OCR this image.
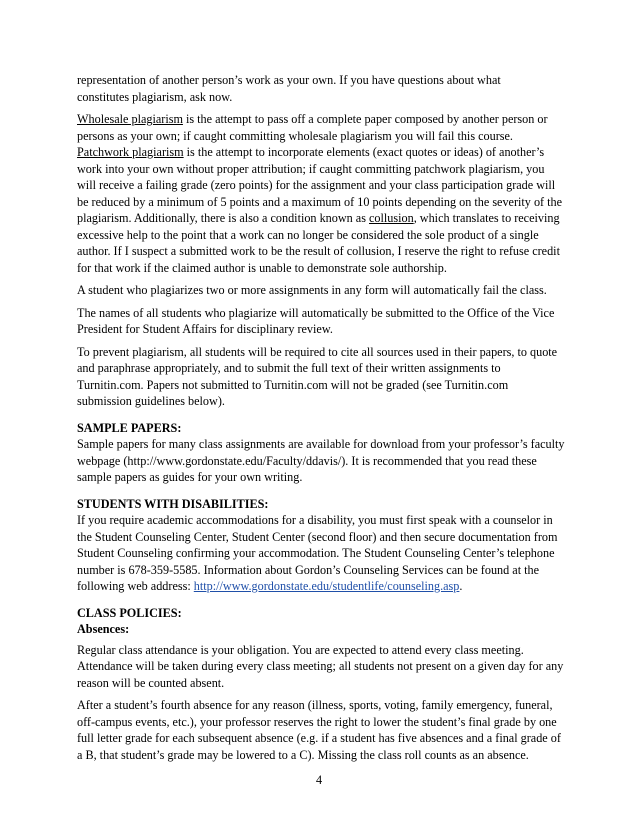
representation of another person’s work as your own. If you have questions about what
constitutes plagiarism, ask now.

Wholesale plagiarism is the attempt to pass off a complete paper composed by another person or persons as your own; if caught committing wholesale plagiarism you will fail this course. Patchwork plagiarism is the attempt to incorporate elements (exact quotes or ideas) of another’s work into your own without proper attribution; if caught committing patchwork plagiarism, you will receive a failing grade (zero points) for the assignment and your class participation grade will be reduced by a minimum of 5 points and a maximum of 10 points depending on the severity of the plagiarism. Additionally, there is also a condition known as collusion, which translates to receiving excessive help to the point that a work can no longer be considered the sole product of a single author. If I suspect a submitted work to be the result of collusion, I reserve the right to refuse credit for that work if the claimed author is unable to demonstrate sole authorship.

A student who plagiarizes two or more assignments in any form will automatically fail the class.

The names of all students who plagiarize will automatically be submitted to the Office of the Vice President for Student Affairs for disciplinary review.

To prevent plagiarism, all students will be required to cite all sources used in their papers, to quote and paraphrase appropriately, and to submit the full text of their written assignments to Turnitin.com. Papers not submitted to Turnitin.com will not be graded (see Turnitin.com submission guidelines below).

SAMPLE PAPERS:

Sample papers for many class assignments are available for download from your professor’s faculty webpage (http://www.gordonstate.edu/Faculty/ddavis/). It is recommended that you read these sample papers as guides for your own writing.

STUDENTS WITH DISABILITIES:

If you require academic accommodations for a disability, you must first speak with a counselor in the Student Counseling Center, Student Center (second floor) and then secure documentation from Student Counseling confirming your accommodation. The Student Counseling Center’s telephone number is 678-359-5585. Information about Gordon’s Counseling Services can be found at the following web address: http://www.gordonstate.edu/studentlife/counseling.asp.

CLASS POLICIES:
Absences:

Regular class attendance is your obligation. You are expected to attend every class meeting. Attendance will be taken during every class meeting; all students not present on a given day for any reason will be counted absent.

After a student’s fourth absence for any reason (illness, sports, voting, family emergency, funeral, off-campus events, etc.), your professor reserves the right to lower the student’s final grade by one full letter grade for each subsequent absence (e.g. if a student has five absences and a final grade of a B, that student’s grade may be lowered to a C). Missing the class roll counts as an absence.

4
